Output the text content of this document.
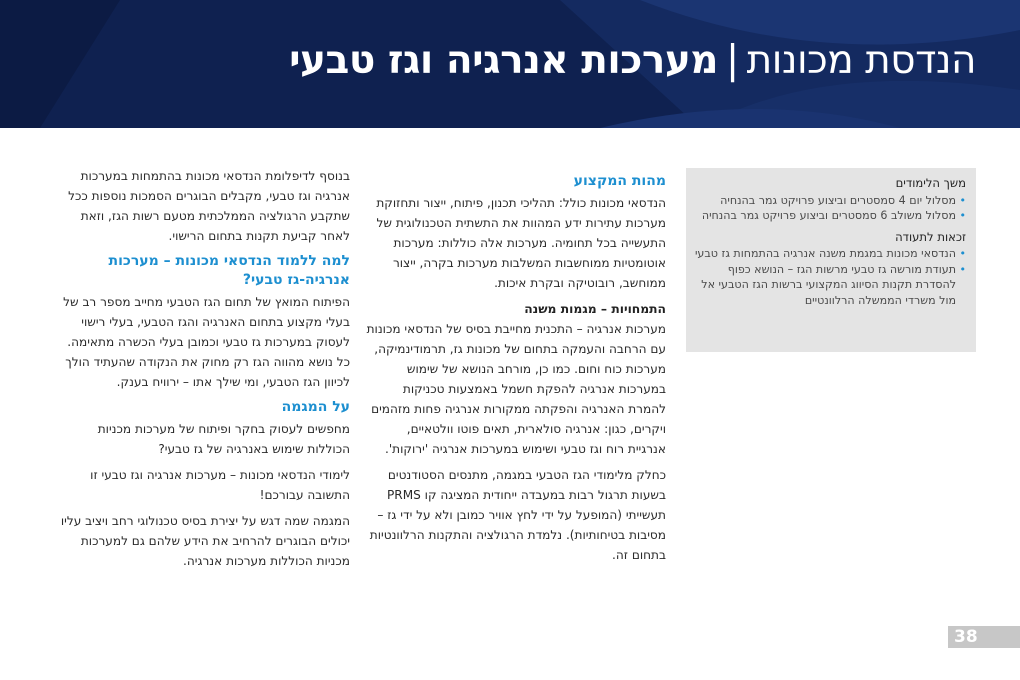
הנדסת מכונות|מערכות אנרגיה וגז טבעי
משך הלימודים
• מסלול יום 4 סמסטרים וביצוע פרויקט גמר בהנחיה
• מסלול משולב 6 סמסטרים וביצוע פרויקט גמר בהנחיה
זכאות לתעודה
• הנדסאי מכונות במגמת משנה אנרגיה בהתמחות גז טבעי
• תעודת מורשה גז טבעי מרשות הגז – הנושא כפוף להסדרת תקנות הסיווג המקצועי ברשות הגז הטבעי אל מול משרדי הממשלה הרלוונטיים
מהות המקצוע

הנדסאי מכונות כולל: תהליכי תכנון, פיתוח, ייצור ותחזוקת מערכות עתירות ידע המהוות את התשתית הטכנולוגית של התעשייה בכל תחומיה. מערכות אלה כוללות: מערכות אוטומטיות ממוחשבות המשלבות מערכות בקרה, ייצור ממוחשב, רובוטיקה ובקרת איכות.

התמחויות – מגמות משנה

מערכות אנרגיה – התכנית מחייבת בסיס של הנדסאי מכונות עם הרחבה והעמקה בתחום של מכונות גז, תרמודינמיקה, מערכות כוח וחום. כמו כן, מורחב הנושא של שימוש במערכות אנרגיה להפקת חשמל באמצעות טכניקות להמרת האנרגיה והפקתה ממקורות אנרגיה פחות מזהמים ויקרים, כגון: אנרגיה סולארית, תאים פוטו וולטאיים, אנרגיית רוח וגז טבעי ושימוש במערכות אנרגיה 'ירוקות'.

כחלק מלימודי הגז הטבעי במגמה, מתנסים הסטודנטים בשעות תרגול רבות במעבדה ייחודית המציגה קו PRMS תעשייתי (המופעל על ידי לחץ אוויר כמובן ולא על ידי גז – מסיבות בטיחותיות). נלמדת הרגולציה והתקנות הרלוונטיות בתחום זה.

בנוסף לדיפלומת הנדסאי מכונות בהתמחות במערכות אנרגיה וגז טבעי, מקבלים הבוגרים הסמכות נוספות ככל שתקבע הרגולציה הממלכתית מטעם רשות הגז, וזאת לאחר קביעת תקנות בתחום הרישוי.

למה ללמוד הנדסאי מכונות – מערכות אנרגיה-גז טבעי?

הפיתוח המואץ של תחום הגז הטבעי מחייב מספר רב של בעלי מקצוע בתחום האנרגיה והגז הטבעי, בעלי רישוי לעסוק במערכות גז טבעי וכמובן בעלי הכשרה מתאימה. כל נושא מהווה הגז רק מחוק את הנקודה שהעתיד הולך לכיוון הגז הטבעי, ומי שילך אתו – ירוויח בענק.

על המגמה

מחפשים לעסוק בחקר ופיתוח של מערכות מכניות הכוללות שימוש באנרגיה של גז טבעי?

לימודי הנדסאי מכונות – מערכות אנרגיה וגז טבעי זו התשובה עבורכם!

המגמה שמה דגש על יצירת בסיס טכנולוגי רחב ויציב עליו יכולים הבוגרים להרחיב את הידע שלהם גם למערכות מכניות הכוללות מערכות אנרגיה.

38
